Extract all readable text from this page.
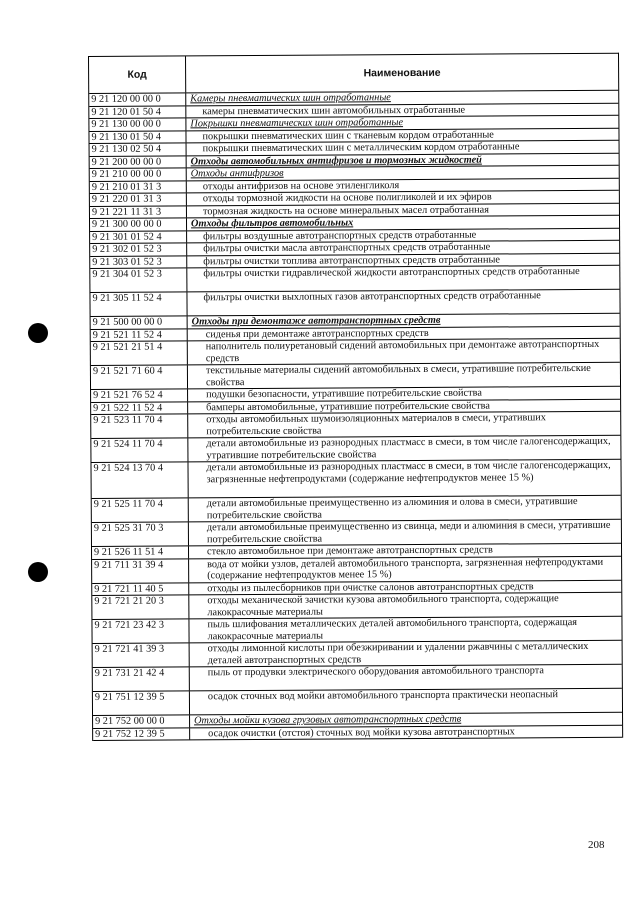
Код	Наименование
9 21 120 00 00 0	Камеры пневматических шин отработанные
9 21 120 01 50 4	камеры пневматических шин автомобильных отработанные
9 21 130 00 00 0	Покрышки пневматических шин отработанные
9 21 130 01 50 4	покрышки пневматических шин с тканевым кордом отработанные
9 21 130 02 50 4	покрышки пневматических шин с металлическим кордом отработанные
9 21 200 00 00 0	Отходы автомобильных антифризов и тормозных жидкостей
9 21 210 00 00 0	Отходы антифризов
9 21 210 01 31 3	отходы антифризов на основе этиленгликоля
9 21 220 01 31 3	отходы тормозной жидкости на основе полигликолей и их эфиров
9 21 221 11 31 3	тормозная жидкость на основе минеральных масел отработанная
9 21 300 00 00 0	Отходы фильтров автомобильных
9 21 301 01 52 4	фильтры воздушные автотранспортных средств отработанные
9 21 302 01 52 3	фильтры очистки масла автотранспортных средств отработанные
9 21 303 01 52 3	фильтры очистки топлива автотранспортных средств отработанные
9 21 304 01 52 3	фильтры очистки гидравлической жидкости автотранспортных средств отработанные
9 21 305 11 52 4	фильтры очистки выхлопных газов автотранспортных средств отработанные
9 21 500 00 00 0	Отходы при демонтаже автотранспортных средств
9 21 521 11 52 4	сиденья при демонтаже автотранспортных средств
9 21 521 21 51 4	наполнитель полиуретановый сидений автомобильных при демонтаже автотранспортных средств
9 21 521 71 60 4	текстильные материалы сидений автомобильных в смеси, утратившие потребительские свойства
9 21 521 76 52 4	подушки безопасности, утратившие потребительские свойства
9 21 522 11 52 4	бамперы автомобильные, утратившие потребительские свойства
9 21 523 11 70 4	отходы автомобильных шумоизоляционных материалов в смеси, утративших потребительские свойства
9 21 524 11 70 4	детали автомобильные из разнородных пластмасс в смеси, в том числе галогенсодержащих, утратившие потребительские свойства
9 21 524 13 70 4	детали автомобильные из разнородных пластмасс в смеси, в том числе галогенсодержащих, загрязненные нефтепродуктами (содержание нефтепродуктов менее 15 %)
9 21 525 11 70 4	детали автомобильные преимущественно из алюминия и олова в смеси, утратившие потребительские свойства
9 21 525 31 70 3	детали автомобильные преимущественно из свинца, меди и алюминия в смеси, утратившие потребительские свойства
9 21 526 11 51 4	стекло автомобильное при демонтаже автотранспортных средств
9 21 711 31 39 4	вода от мойки узлов, деталей автомобильного транспорта, загрязненная нефтепродуктами (содержание нефтепродуктов менее 15 %)
9 21 721 11 40 5	отходы из пылесборников при очистке салонов автотранспортных средств
9 21 721 21 20 3	отходы механической зачистки кузова автомобильного транспорта, содержащие лакокрасочные материалы
9 21 721 23 42 3	пыль шлифования металлических деталей автомобильного транспорта, содержащая лакокрасочные материалы
9 21 721 41 39 3	отходы лимонной кислоты при обезжиривании и удалении ржавчины с металлических деталей автотранспортных средств
9 21 731 21 42 4	пыль от продувки электрического оборудования автомобильного транспорта
9 21 751 12 39 5	осадок сточных вод мойки автомобильного транспорта практически неопасный
9 21 752 00 00 0	Отходы мойки кузова грузовых автотранспортных средств
9 21 752 12 39 5	осадок очистки (отстоя) сточных вод мойки кузова автотранспортных
208
